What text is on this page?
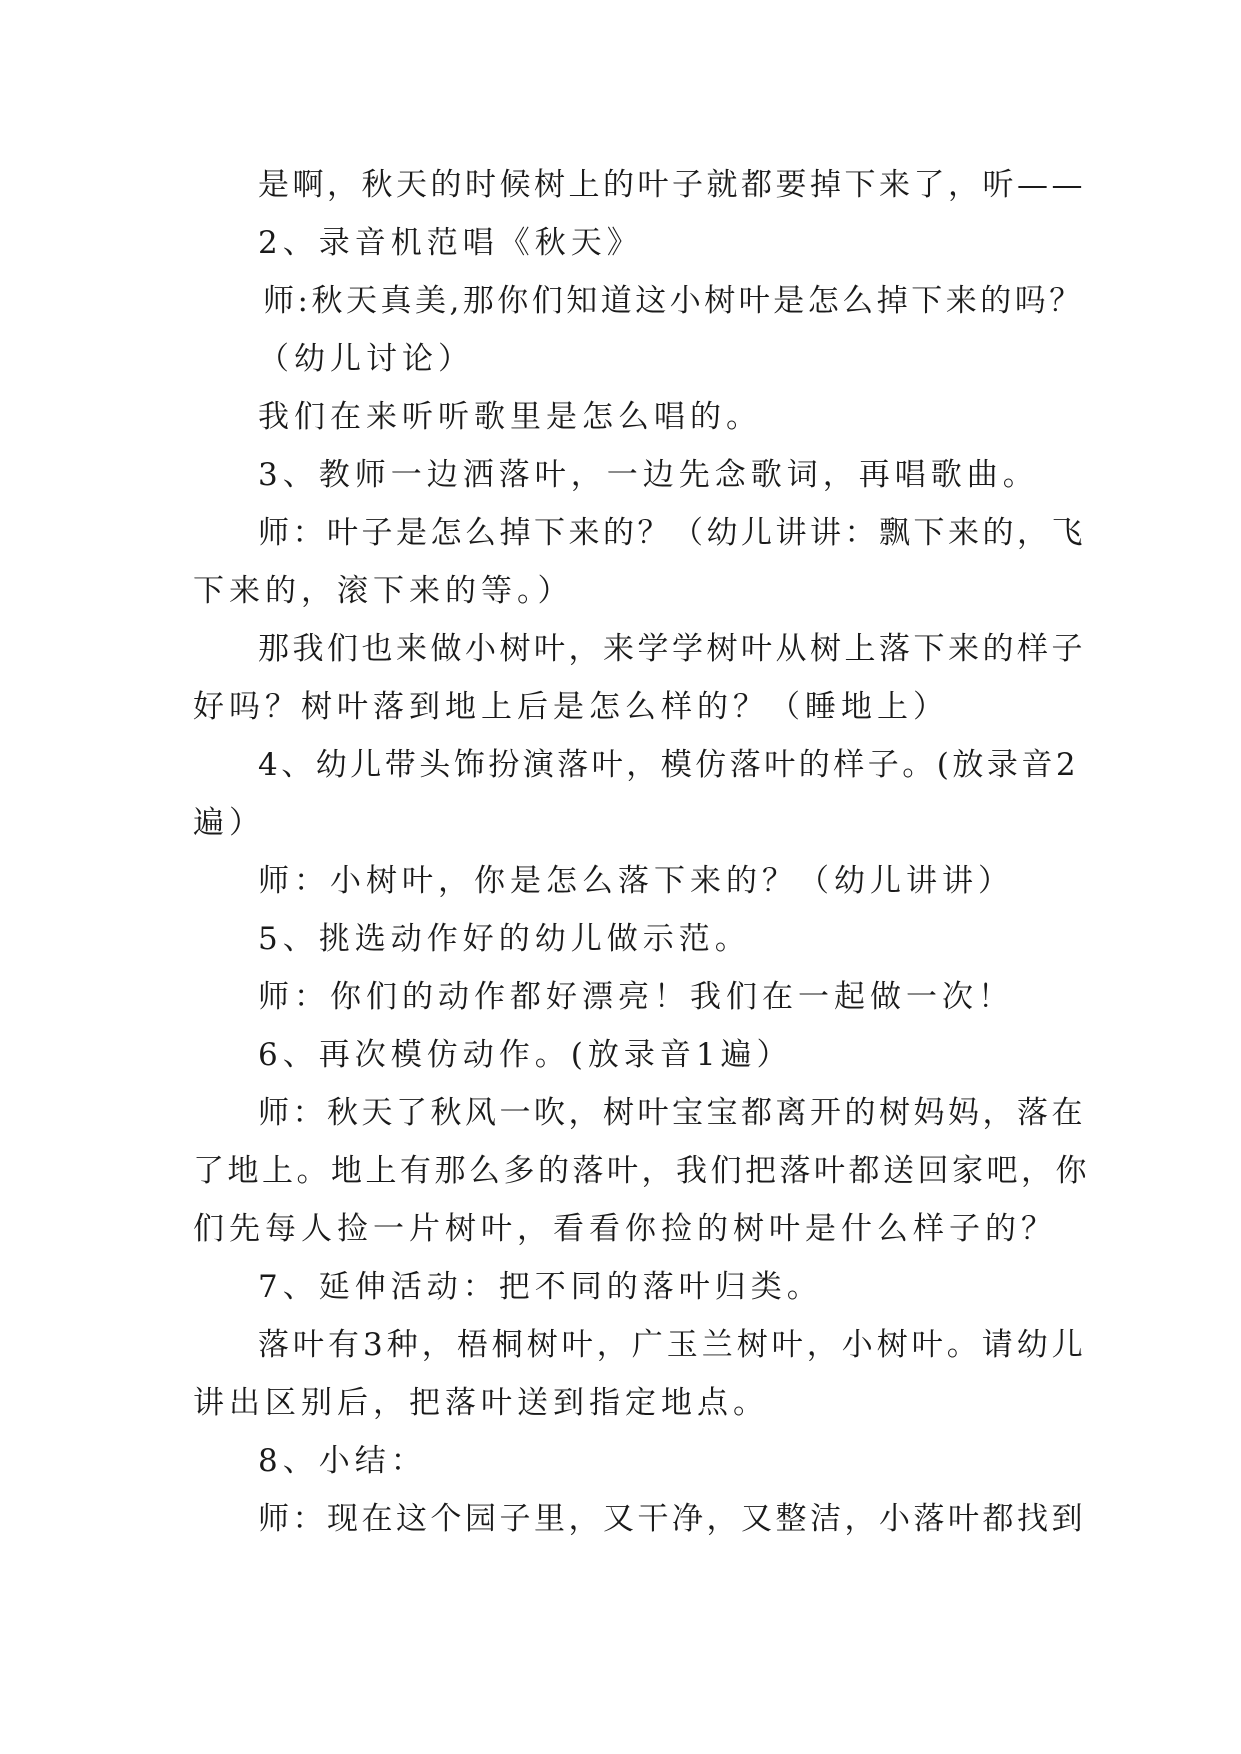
是啊，秋天的时候树上的叶子就都要掉下来了，听——
2、录音机范唱《秋天》
师:秋天真美,那你们知道这小树叶是怎么掉下来的吗？
（幼儿讨论）
我们在来听听歌里是怎么唱的。
3、教师一边洒落叶，一边先念歌词，再唱歌曲。
师：叶子是怎么掉下来的？（幼儿讲讲：飘下来的，飞
下来的，滚下来的等。）
那我们也来做小树叶，来学学树叶从树上落下来的样子
好吗？树叶落到地上后是怎么样的？（睡地上）
4、幼儿带头饰扮演落叶，模仿落叶的样子。(放录音2
遍）
师：小树叶，你是怎么落下来的？（幼儿讲讲）
5、挑选动作好的幼儿做示范。
师：你们的动作都好漂亮！我们在一起做一次！
6、再次模仿动作。(放录音1遍）
师：秋天了秋风一吹，树叶宝宝都离开的树妈妈，落在
了地上。地上有那么多的落叶，我们把落叶都送回家吧，你
们先每人捡一片树叶，看看你捡的树叶是什么样子的？
7、延伸活动：把不同的落叶归类。
落叶有3种，梧桐树叶，广玉兰树叶，小树叶。请幼儿
讲出区别后，把落叶送到指定地点。
8、小结：
师：现在这个园子里，又干净，又整洁，小落叶都找到
